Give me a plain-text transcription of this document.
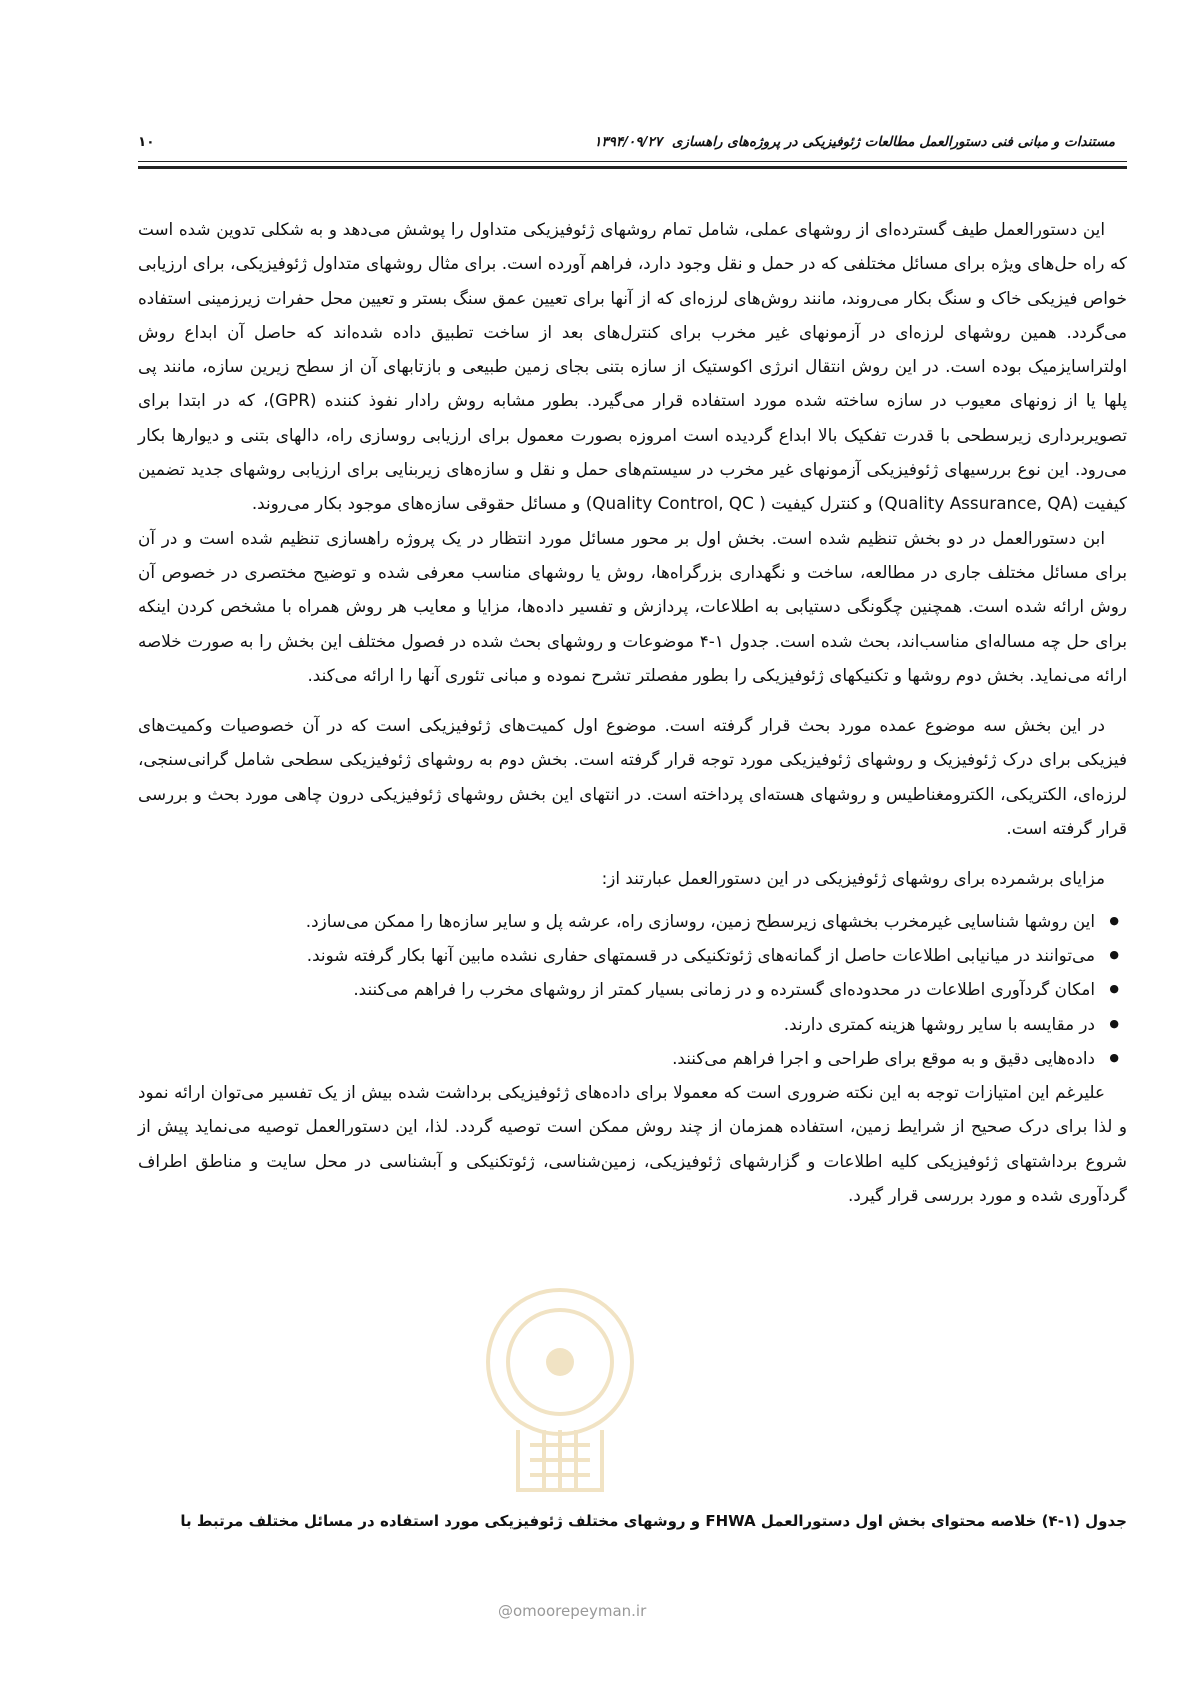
مستندات و مبانی فنی دستورالعمل مطالعات ژئوفیزیکی در پروژه‌های راهسازی
۱۳۹۴/۰۹/۲۷
۱۰

این دستورالعمل طیف گسترده‌ای از روشهای عملی، شامل تمام روشهای ژئوفیزیکی متداول را پوشش می‌دهد و به شکلی تدوین شده است که راه حل‌های ویژه برای مسائل مختلفی که در حمل و نقل وجود دارد، فراهم آورده است. برای مثال روشهای متداول ژئوفیزیکی، برای ارزیابی خواص فیزیکی خاک و سنگ بکار می‌روند، مانند روش‌های لرزه‌ای که از آنها برای تعیین عمق سنگ بستر و تعیین محل حفرات زیرزمینی استفاده می‌گردد. همین روشهای لرزه‌ای در آزمونهای غیر مخرب برای کنترل‌های بعد از ساخت تطبیق داده شده‌اند که حاصل آن ابداع روش اولتراسایزمیک بوده است. در این روش انتقال انرژی اکوستیک از سازه بتنی بجای زمین طبیعی و بازتابهای آن از سطح زیرین سازه، مانند پی پلها یا از زونهای معیوب در سازه ساخته شده مورد استفاده قرار می‌گیرد. بطور مشابه روش رادار نفوذ کننده (GPR)، که در ابتدا برای تصویربرداری زیرسطحی با قدرت تفکیک بالا ابداع گردیده است امروزه بصورت معمول برای ارزیابی روسازی راه، دالهای بتنی و دیوارها بکار می‌رود. این نوع بررسیهای ژئوفیزیکی آزمونهای غیر مخرب در سیستم‌های حمل و نقل و سازه‌های زیربنایی برای ارزیابی روشهای جدید تضمین کیفیت (Quality Assurance, QA) و کنترل کیفیت ( Quality Control, QC) و مسائل حقوقی سازه‌های موجود بکار می‌روند.

ابن دستورالعمل در دو بخش تنظیم شده است. بخش اول بر محور مسائل مورد انتظار در یک پروژه راهسازی تنظیم شده است و در آن برای مسائل مختلف جاری در مطالعه، ساخت و نگهداری بزرگراه‌ها، روش یا روشهای مناسب معرفی شده و توضیح مختصری در خصوص آن روش ارائه شده است. همچنین چگونگی دستیابی به اطلاعات، پردازش و تفسیر داده‌ها، مزایا و معایب هر روش همراه با مشخص کردن اینکه برای حل چه مساله‌ای مناسب‌اند، بحث شده است. جدول ۱-۴ موضوعات و روشهای بحث شده در فصول مختلف این بخش را به صورت خلاصه ارائه می‌نماید. بخش دوم روشها و تکنیکهای ژئوفیزیکی را بطور مفصلتر تشرح نموده و مبانی تئوری آنها را ارائه می‌کند.

در این بخش سه موضوع عمده مورد بحث قرار گرفته است. موضوع اول کمیت‌های ژئوفیزیکی است که در آن خصوصیات وکمیت‌های فیزیکی برای درک ژئوفیزیک و روشهای ژئوفیزیکی مورد توجه قرار گرفته است. بخش دوم به روشهای ژئوفیزیکی سطحی شامل گرانی‌سنجی، لرزه‌ای، الکتریکی، الکترومغناطیس و روشهای هسته‌ای پرداخته است. در انتهای این بخش روشهای ژئوفیزیکی درون چاهی مورد بحث و بررسی قرار گرفته است.

مزایای برشمرده برای روشهای ژئوفیزیکی در این دستورالعمل عبارتند از:

● این روشها شناسایی غیرمخرب بخشهای زیرسطح زمین، روسازی راه، عرشه پل و سایر سازه‌ها را ممکن می‌سازد.
● می‌توانند در میانیابی اطلاعات حاصل از گمانه‌های ژئوتکنیکی در قسمتهای حفاری نشده مابین آنها بکار گرفته شوند.
● امکان گردآوری اطلاعات در محدوده‌ای گسترده و در زمانی بسیار کمتر از روشهای مخرب را فراهم می‌کنند.
● در مقایسه با سایر روشها هزینه کمتری دارند.
● داده‌هایی دقیق و به موقع برای طراحی و اجرا فراهم می‌کنند.

علیرغم این امتیازات توجه به این نکته ضروری است که معمولا برای داده‌های ژئوفیزیکی برداشت شده بیش از یک تفسیر می‌توان ارائه نمود و لذا برای درک صحیح از شرایط زمین، استفاده همزمان از چند روش ممکن است توصیه گردد. لذا، این دستورالعمل توصیه می‌نماید پیش از شروع برداشتهای ژئوفیزیکی کلیه اطلاعات و گزارشهای ژئوفیزیکی، زمین‌شناسی، ژئوتکنیکی و آبشناسی در محل سایت و مناطق اطراف گردآوری شده و مورد بررسی قرار گیرد.

@omoorepeyman.ir
جدول (۱-۴) خلاصه محتوای بخش اول دستورالعمل FHWA و روشهای مختلف ژئوفیزیکی مورد استفاده در مسائل مختلف مرتبط با
